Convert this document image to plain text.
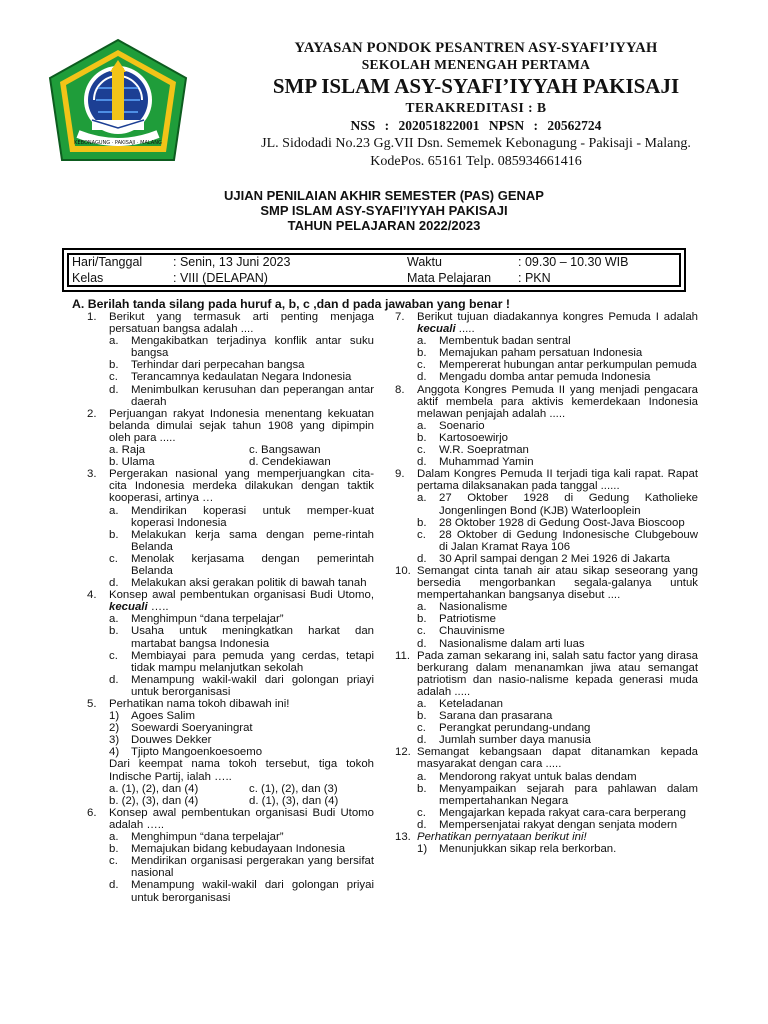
KEBONAGUNG · PAKISAJI · MALANG
YAYASAN PONDOK PESANTREN ASY-SYAFI’IYYAH
SEKOLAH MENENGAH PERTAMA
SMP ISLAM ASY-SYAFI’IYYAH PAKISAJI
TERAKREDITASI : B
NSS : 202051822001 NPSN : 20562724
JL. Sidodadi No.23 Gg.VII Dsn. Sememek Kebonagung - Pakisaji - Malang.
KodePos. 65161 Telp. 085934661416
UJIAN PENILAIAN AKHIR SEMESTER (PAS) GENAP
SMP ISLAM ASY-SYAFI’IYYAH PAKISAJI
TAHUN PELAJARAN 2022/2023
Hari/Tanggal : Senin, 13 Juni 2023	Waktu	: 09.30 – 10.30 WIB
Kelas	: VIII (DELAPAN)	Mata Pelajaran : PKN
A. Berilah tanda silang pada huruf a, b, c ,dan d pada jawaban yang benar !
1.	Berikut yang termasuk arti penting menjaga persatuan bangsa adalah ....
a.	Mengakibatkan terjadinya konflik antar suku bangsa
b.	Terhindar dari perpecahan bangsa
c.	Terancamnya kedaulatan Negara Indonesia
d.	Menimbulkan kerusuhan dan peperangan antar daerah
2.	Perjuangan rakyat Indonesia menentang kekuatan belanda dimulai sejak tahun 1908 yang dipimpin oleh para .....
a. Raja	c. Bangsawan
b. Ulama	d. Cendekiawan
3.	Pergerakan nasional yang memperjuangkan cita-cita Indonesia merdeka dilakukan dengan taktik kooperasi, artinya …
a.	Mendirikan koperasi untuk memper-kuat koperasi Indonesia
b.	Melakukan kerja sama dengan peme-rintah Belanda
c.	Menolak kerjasama dengan pemerintah Belanda
d.	Melakukan aksi gerakan politik di bawah tanah
4.	Konsep awal pembentukan organisasi Budi Utomo, kecuali …..
a.	Menghimpun “dana terpelajar”
b.	Usaha untuk meningkatkan harkat dan martabat bangsa Indonesia
c.	Membiayai para pemuda yang cerdas, tetapi tidak mampu melanjutkan sekolah
d.	Menampung wakil-wakil dari golongan priayi untuk berorganisasi
5.	Perhatikan nama tokoh dibawah ini!
1)	Agoes Salim
2)	Soewardi Soeryaningrat
3)	Douwes Dekker
4)	Tjipto Mangoenkoesoemo
Dari keempat nama tokoh tersebut, tiga tokoh Indische Partij, ialah …..
a. (1), (2), dan (4)	c. (1), (2), dan (3)
b. (2), (3), dan (4)	d. (1), (3), dan (4)
6.	Konsep awal pembentukan organisasi Budi Utomo adalah …..
a.	Menghimpun “dana terpelajar”
b.	Memajukan bidang kebudayaan Indonesia
c.	Mendirikan organisasi pergerakan yang bersifat nasional
d.	Menampung wakil-wakil dari golongan priyai untuk berorganisasi
7.	Berikut tujuan diadakannya kongres Pemuda I adalah kecuali .....
a.	Membentuk badan sentral
b.	Memajukan paham persatuan Indonesia
c.	Mempererat hubungan antar perkumpulan pemuda
d.	Mengadu domba antar pemuda Indonesia
8.	Anggota Kongres Pemuda II yang menjadi pengacara aktif membela para aktivis kemerdekaan Indonesia melawan penjajah adalah .....
a.	Soenario
b.	Kartosoewirjo
c.	W.R. Soepratman
d.	Muhammad Yamin
9.	Dalam Kongres Pemuda II terjadi tiga kali rapat. Rapat pertama dilaksanakan pada tanggal ......
a.	27 Oktober 1928 di Gedung Katholieke Jongenlingen Bond (KJB) Waterlooplein
b.	28 Oktober 1928 di Gedung Oost-Java Bioscoop
c.	28 Oktober di Gedung Indonesische Clubgebouw di Jalan Kramat Raya 106
d.	30 April sampai dengan 2 Mei 1926 di Jakarta
10. Semangat cinta tanah air atau sikap seseorang yang bersedia mengorbankan segala-galanya untuk mempertahankan bangsanya disebut ....
a.	Nasionalisme
b.	Patriotisme
c.	Chauvinisme
d.	Nasionalisme dalam arti luas
11. Pada zaman sekarang ini, salah satu factor yang dirasa berkurang dalam menanamkan jiwa atau semangat patriotism dan nasio-nalisme kepada generasi muda adalah .....
a.	Keteladanan
b.	Sarana dan prasarana
c.	Perangkat perundang-undang
d.	Jumlah sumber daya manusia
12. Semangat kebangsaan dapat ditanamkan kepada masyarakat dengan cara .....
a.	Mendorong rakyat untuk balas dendam
b.	Menyampaikan sejarah para pahlawan dalam mempertahankan Negara
c.	Mengajarkan kepada rakyat cara-cara berperang
d.	Mempersenjatai rakyat dengan senjata modern
13. Perhatikan pernyataan berikut ini!
1)	Menunjukkan sikap rela berkorban.
